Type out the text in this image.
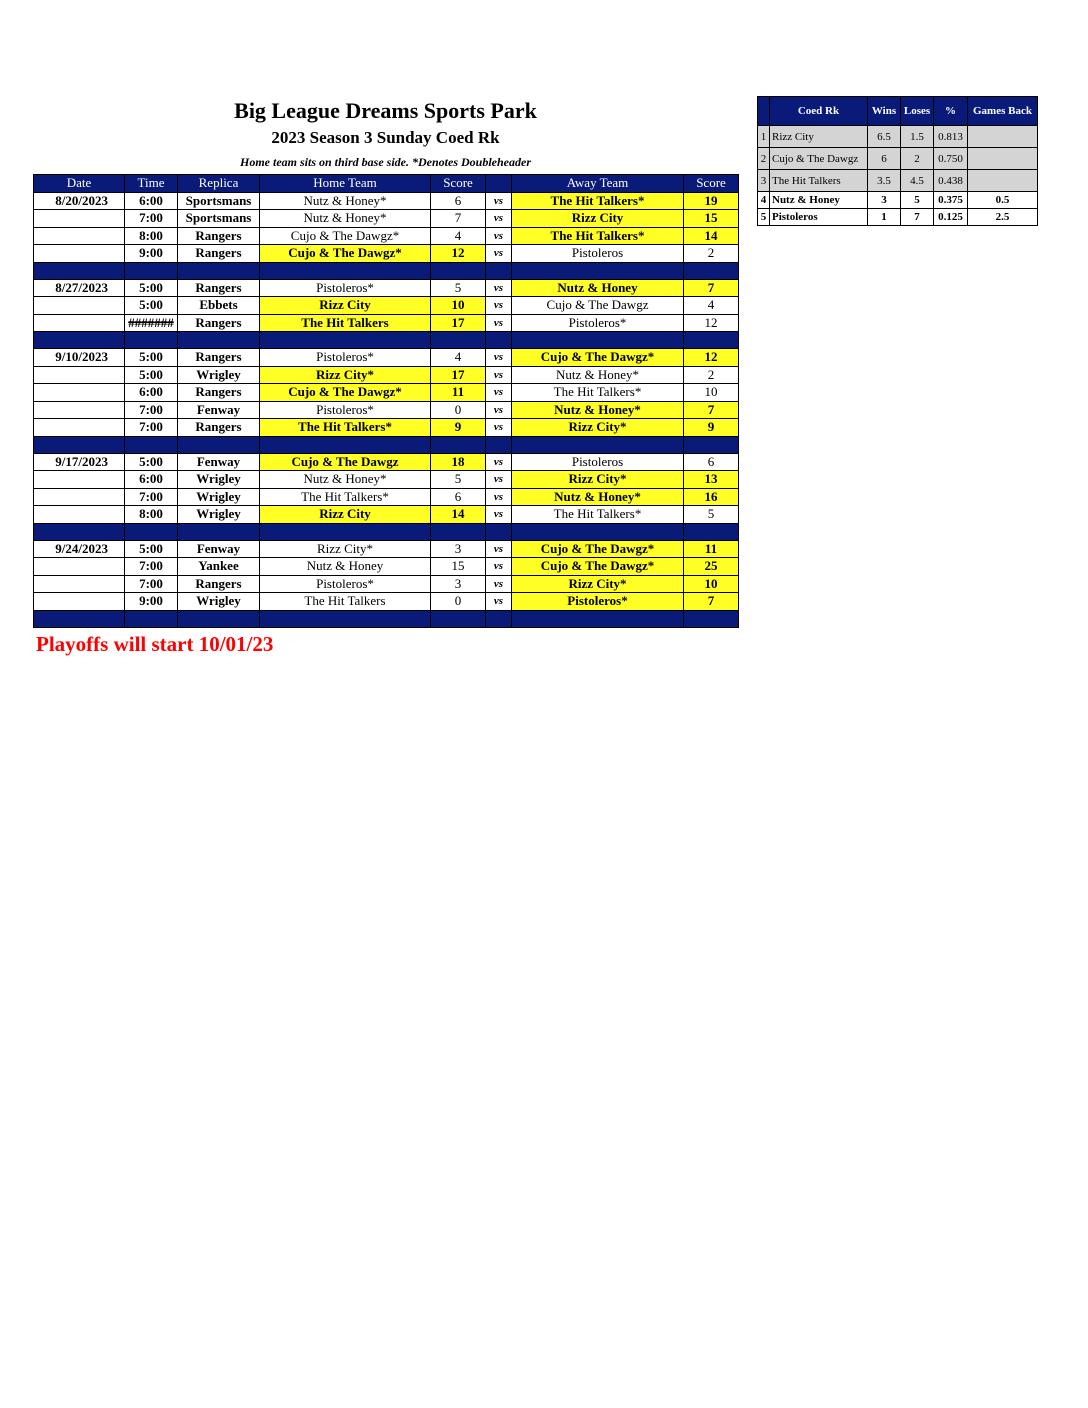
Big League Dreams Sports Park
2023 Season 3 Sunday Coed Rk
Home team sits on third base side. *Denotes Doubleheader
Date	Time	Replica	Home Team	Score		Away Team	Score
8/20/2023	6:00	Sportsmans	Nutz & Honey*	6	vs	The Hit Talkers*	19
	7:00	Sportsmans	Nutz & Honey*	7	vs	Rizz City	15
	8:00	Rangers	Cujo & The Dawgz*	4	vs	The Hit Talkers*	14
	9:00	Rangers	Cujo & The Dawgz*	12	vs	Pistoleros	2

8/27/2023	5:00	Rangers	Pistoleros*	5	vs	Nutz & Honey	7
	5:00	Ebbets	Rizz City	10	vs	Cujo & The Dawgz	4
	#######	Rangers	The Hit Talkers	17	vs	Pistoleros*	12

9/10/2023	5:00	Rangers	Pistoleros*	4	vs	Cujo & The Dawgz*	12
	5:00	Wrigley	Rizz City*	17	vs	Nutz & Honey*	2
	6:00	Rangers	Cujo & The Dawgz*	11	vs	The Hit Talkers*	10
	7:00	Fenway	Pistoleros*	0	vs	Nutz & Honey*	7
	7:00	Rangers	The Hit Talkers*	9	vs	Rizz City*	9

9/17/2023	5:00	Fenway	Cujo & The Dawgz	18	vs	Pistoleros	6
	6:00	Wrigley	Nutz & Honey*	5	vs	Rizz City*	13
	7:00	Wrigley	The Hit Talkers*	6	vs	Nutz & Honey*	16
	8:00	Wrigley	Rizz City	14	vs	The Hit Talkers*	5

9/24/2023	5:00	Fenway	Rizz City*	3	vs	Cujo & The Dawgz*	11
	7:00	Yankee	Nutz & Honey	15	vs	Cujo & The Dawgz*	25
	7:00	Rangers	Pistoleros*	3	vs	Rizz City*	10
	9:00	Wrigley	The Hit Talkers	0	vs	Pistoleros*	7

	Coed Rk	Wins	Loses	%	Games Back
1	Rizz City	6.5	1.5	0.813	
2	Cujo & The Dawgz	6	2	0.750	
3	The Hit Talkers	3.5	4.5	0.438	
4	Nutz & Honey	3	5	0.375	0.5
5	Pistoleros	1	7	0.125	2.5
Playoffs will start 10/01/23
